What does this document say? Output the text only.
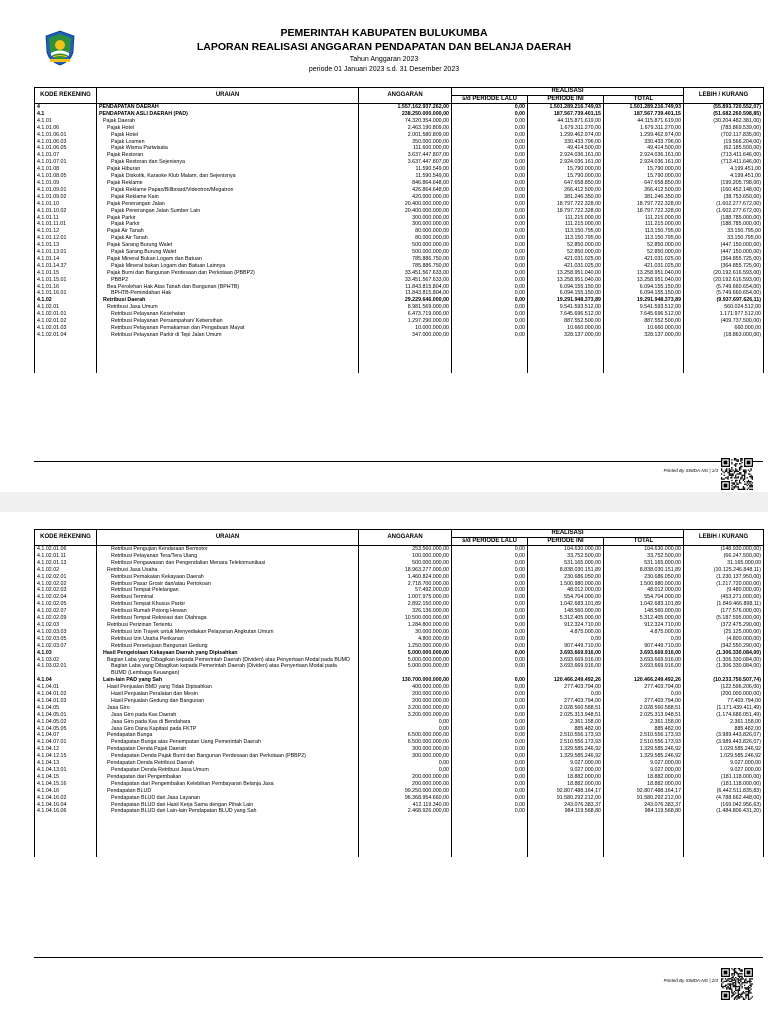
PEMERINTAH KABUPATEN BULUKUMBA
LAPORAN REALISASI ANGGARAN PENDAPATAN DAN BELANJA DAERAH
Tahun Anggaran 2023
periode 01 Januari 2023 s.d. 31 Desember 2023
KODE REKENING	URAIAN	ANGGARAN	REALISASI			LEBIH / KURANG
			s/d PERIODE LALU	PERIODE INI	TOTAL	
4	PENDAPATAN DAERAH	1.557.162.937.262,00	0,00	1.501.289.216.749,93	1.501.289.216.749,93	(55.893.720.552,07)
4.1	PENDAPATAN ASLI DAERAH (PAD)	238.250.000.000,00	0,00	187.567.739.401,15	187.567.739.401,15	(51.682.260.598,85)
4.1.01	Pajak Daerah	74.320.354.000,00	0,00	44.115.871.619,00	44.115.871.619,00	(30.204.482.381,00)
4.1.01.06	Pajak Hotel	2.463.190.809,00	0,00	1.679.311.270,00	1.679.311.270,00	(783.869.539,00)
4.1.01.06.01	Pajak Hotel	2.001.580.809,00	0,00	1.299.462.974,00	1.299.462.974,00	(702.117.835,00)
4.1.01.06.03	Pajak Losmen	350.000.000,00	0,00	330.433.796,00	330.433.796,00	(19.566.204,00)
4.1.01.06.05	Pajak Wisma Pariwisata	111.600.000,00	0,00	49.414.500,00	49.414.500,00	(62.185.500,00)
4.1.01.07	Pajak Restoran	3.637.447.807,00	0,00	2.924.036.161,00	2.924.036.161,00	(713.411.646,00)
4.1.01.07.01	Pajak Restoran dan Sejenisnya	3.637.447.807,00	0,00	2.924.036.161,00	2.924.036.161,00	(713.411.646,00)
4.1.01.08	Pajak Hiburan	11.590.549,00	0,00	15.790.000,00	15.790.000,00	4.199.451,00
4.1.01.08.05	Pajak Diskotik, Karaoke Klub Malam, dan Sejenisnya	11.590.549,00	0,00	15.790.000,00	15.790.000,00	4.199.451,00
4.1.01.09	Pajak Reklame	846.864.648,00	0,00	647.658.850,00	647.658.850,00	(199.205.798,00)
4.1.01.09.01	Pajak Reklame Papan/Billboard/Videotron/Megatron	426.864.648,00	0,00	266.412.500,00	266.412.500,00	(160.452.148,00)
4.1.01.09.02	Pajak Reklame Kain	420.000.000,00	0,00	381.246.350,00	381.246.350,00	(38.753.650,00)
4.1.01.10	Pajak Penerangan Jalan	20.400.000.000,00	0,00	18.797.722.328,00	18.797.722.328,00	(1.602.277.672,00)
4.1.01.10.02	Pajak Penerangan Jalan Sumber Lain	20.400.000.000,00	0,00	18.797.722.328,00	18.797.722.328,00	(1.602.277.672,00)
4.1.01.11	Pajak Parkir	300.000.000,00	0,00	111.215.000,00	111.215.000,00	(188.785.000,00)
4.1.01.11.01	Pajak Parkir	300.000.000,00	0,00	111.215.000,00	111.215.000,00	(188.785.000,00)
4.1.01.12	Pajak Air Tanah	80.000.000,00	0,00	113.150.795,00	113.150.795,00	33.150.795,00
4.1.01.12.01	Pajak Air Tanah	80.000.000,00	0,00	113.150.795,00	113.150.795,00	33.150.795,00
4.1.01.13	Pajak Sarang Burung Walet	500.000.000,00	0,00	52.850.000,00	52.850.000,00	(447.150.000,00)
4.1.01.13.01	Pajak Sarang Burung Walet	500.000.000,00	0,00	52.850.000,00	52.850.000,00	(447.150.000,00)
4.1.01.14	Pajak Mineral Bukan Logam dan Batuan	785.886.750,00	0,00	421.031.025,00	421.031.025,00	(364.855.725,00)
4.1.01.14.37	Pajak Mineral bukan Logam dan Batuan Lainnya	785.886.750,00	0,00	421.031.025,00	421.031.025,00	(364.855.725,00)
4.1.01.15	Pajak Bumi dan Bangunan Perdesaan dan Perkotaan (PBBP2)	33.451.567.633,00	0,00	13.258.951.040,00	13.258.951.040,00	(20.192.616.593,00)
4.1.01.15.01	PBBP2	33.451.567.633,00	0,00	13.258.951.040,00	13.258.951.040,00	(20.192.616.593,00)
4.1.01.16	Bea Perolehan Hak Atas Tanah dan Bangunan (BPHTB)	11.843.815.804,00	0,00	6.094.155.150,00	6.094.155.150,00	(5.749.660.654,00)
4.1.01.16.01	BPHTB-Pemindahan Hak	11.843.815.804,00	0,00	6.094.155.150,00	6.094.155.150,00	(5.749.660.654,00)
4.1.02	Retribusi Daerah	29.229.646.000,00	0,00	19.291.948.373,89	19.291.948.373,89	(9.937.697.626,11)
4.1.02.01	Retribusi Jasa Umum	8.981.569.000,00	0,00	9.541.593.512,00	9.541.593.512,00	560.024.512,00
4.1.02.01.01	Retribusi Pelayanan Kesehatan	6.473.719.000,00	0,00	7.645.696.512,00	7.645.696.512,00	1.171.977.512,00
4.1.02.01.02	Retribusi Pelayanan Persampahan/ Kebersihan	1.297.290.000,00	0,00	887.552.500,00	887.552.500,00	(409.737.500,00)
4.1.02.01.03	Retribusi Pelayanan Pemakaman dan Pengabuan Mayat	10.000.000,00	0,00	10.660.000,00	10.660.000,00	660.000,00
4.1.02.01.04	Retribusi Pelayanan Parkir di Tepi Jalan Umum	347.000.000,00	0,00	328.137.000,00	328.137.000,00	(18.863.000,00)

Printed By SIMDA-NG | 1/3
KODE REKENING	URAIAN	ANGGARAN	REALISASI			LEBIH / KURANG
			s/d PERIODE LALU	PERIODE INI	TOTAL	
4.1.02.01.06	Retribusi Pengujian Kendaraan Bermotor	253.560.000,00	0,00	104.630.000,00	104.630.000,00	(148.930.000,00)
4.1.02.01.11	Retribusi Pelayanan Tera/Tera Ulang	100.000.000,00	0,00	33.752.500,00	33.752.500,00	(66.247.500,00)
4.1.02.01.13	Retribusi Pengawasan dan Pengendalian Menara Telekomunikasi	500.000.000,00	0,00	531.165.000,00	531.165.000,00	31.165.000,00
4.1.02.02	Retribusi Jasa Usaha	18.963.277.000,00	0,00	8.838.030.151,89	8.838.030.151,89	(10.125.246.848,11)
4.1.02.02.01	Retribusi Pemakaian Kekayaan Daerah	1.460.824.000,00	0,00	230.686.050,00	230.686.050,00	(1.230.137.950,00)
4.1.02.02.02	Retribusi Pasar Grosir dan/atau Pertokoan	2.718.700.000,00	0,00	1.500.980.000,00	1.500.980.000,00	(1.217.720.000,00)
4.1.02.02.03	Retribusi Tempat Pelelangan	57.492.000,00	0,00	48.012.000,00	48.012.000,00	(9.480.000,00)
4.1.02.02.04	Retribusi Terminal	1.007.975.000,00	0,00	554.704.000,00	554.704.000,00	(453.271.000,00)
4.1.02.02.05	Retribusi Tempat Khusus Parkir	2.892.150.000,00	0,00	1.042.683.101,89	1.042.683.101,89	(1.849.466.898,11)
4.1.02.02.07	Retribusi Rumah Potong Hewan	326.136.000,00	0,00	148.560.000,00	148.560.000,00	(177.576.000,00)
4.1.02.02.09	Retribusi Tempat Rekreasi dan Olahraga	10.500.000.000,00	0,00	5.312.405.000,00	5.312.405.000,00	(5.187.595.000,00)
4.1.02.03	Retribusi Perizinan Tertentu	1.284.800.000,00	0,00	912.324.710,00	912.324.710,00	(372.475.290,00)
4.1.02.03.03	Retribusi Izin Trayek untuk Menyediakan Pelayanan Angkutan Umum	30.000.000,00	0,00	4.875.000,00	4.875.000,00	(25.125.000,00)
4.1.02.03.05	Retribusi Izin Usaha Perikanan	4.800.000,00	0,00	0,00	0,00	(4.800.000,00)
4.1.02.03.07	Retribusi Persetujuan Bangunan Gedung	1.250.000.000,00	0,00	907.449.710,00	907.449.710,00	(342.550.290,00)
4.1.03	Hasil Pengelolaan Kekayaan Daerah yang Dipisahkan	5.000.000.000,00	0,00	3.693.669.916,00	3.693.669.916,00	(1.306.330.084,00)
4.1.03.02	Bagian Laba yang Dibagikan kepada Pemerintah Daerah (Dividen) atas Penyertaan Modal pada BUMD	5.000.000.000,00	0,00	3.693.669.916,00	3.693.669.916,00	(1.306.330.084,00)
4.1.03.02.01	Bagian Laba yang Dibagikan kepada Pemerintah Daerah (Dividen) atas Penyertaan Modal pada
BUMD (Lembaga Keuangan)	5.000.000.000,00	0,00	3.693.669.916,00	3.693.669.916,00	(1.306.330.084,00)
4.1.04	Lain-lain PAD yang Sah	130.700.000.000,00	0,00	120.466.249.492,26	120.466.249.492,26	(10.233.750.507,74)
4.1.04.01	Hasil Penjualan BMD yang Tidak Dipisahkan	400.000.000,00	0,00	277.403.794,00	277.403.794,00	(122.596.206,00)
4.1.04.01.02	Hasil Penjualan Peralatan dan Mesin	200.000.000,00	0,00	0,00	0,00	(200.000.000,00)
4.1.04.01.03	Hasil Penjualan Gedung dan Bangunan	200.000.000,00	0,00	277.403.794,00	277.403.794,00	77.403.794,00
4.1.04.05	Jasa Giro	3.200.000.000,00	0,00	2.028.560.588,51	2.028.560.588,51	(1.171.439.411,49)
4.1.04.05.01	Jasa Giro pada Kas Daerah	3.200.000.000,00	0,00	2.025.313.948,51	2.025.313.948,51	(1.174.686.051,49)
4.1.04.05.02	Jasa Giro pada Kas di Bendahara	0,00	0,00	2.361.158,00	2.361.158,00	2.361.158,00
4.1.04.05.05	Jasa Giro Dana Kapitasi pada FKTP	0,00	0,00	885.482,00	885.482,00	885.482,00
4.1.04.07	Pendapatan Bunga	6.500.000.000,00	0,00	2.510.556.173,93	2.510.556.173,93	(3.989.443.826,07)
4.1.04.07.01	Pendapatan Bunga atas Penempatan Uang Pemerintah Daerah	6.500.000.000,00	0,00	2.510.556.173,93	2.510.556.173,93	(3.989.443.826,07)
4.1.04.12	Pendapatan Denda Pajak Daerah	300.000.000,00	0,00	1.329.585.246,92	1.329.585.246,92	1.029.585.246,92
4.1.04.12.15	Pendapatan Denda Pajak Bumi dan Bangunan Perdesaan dan Perkotaan (PBBP2)	300.000.000,00	0,00	1.329.585.246,92	1.329.585.246,92	1.029.585.246,92
4.1.04.13	Pendapatan Denda Retribusi Daerah	0,00	0,00	9.027.000,00	9.027.000,00	9.027.000,00
4.1.04.13.01	Pendapatan Denda Retribusi Jasa Umum	0,00	0,00	9.027.000,00	9.027.000,00	9.027.000,00
4.1.04.15	Pendapatan dari Pengembalian	200.000.000,00	0,00	18.882.000,00	18.882.000,00	(181.118.000,00)
4.1.04.15.16	Pendapatan dari Pengembalian Kelebihan Pembayaran Belanja Jasa	200.000.000,00	0,00	18.882.000,00	18.882.000,00	(181.118.000,00)
4.1.04.16	Pendapatan BLUD	99.250.000.000,00	0,00	92.807.488.164,17	92.807.488.164,17	(6.442.511.835,83)
4.1.04.16.02	Pendapatan BLUD dari Jasa Layanan	96.368.954.660,00	0,00	91.580.292.212,00	91.580.292.212,00	(4.788.662.448,00)
4.1.04.16.04	Pendapatan BLUD dari Hasil Kerja Sama dengan Pihak Lain	412.119.340,00	0,00	243.076.383,37	243.076.383,37	(169.042.956,63)
4.1.04.16.06	Pendapatan BLUD dari Lain-lain Pendapatan BLUD yang Sah	2.468.926.000,00	0,00	984.119.568,80	984.119.568,80	(1.484.806.431,20)

Printed By SIMDA-NG | 2/3
